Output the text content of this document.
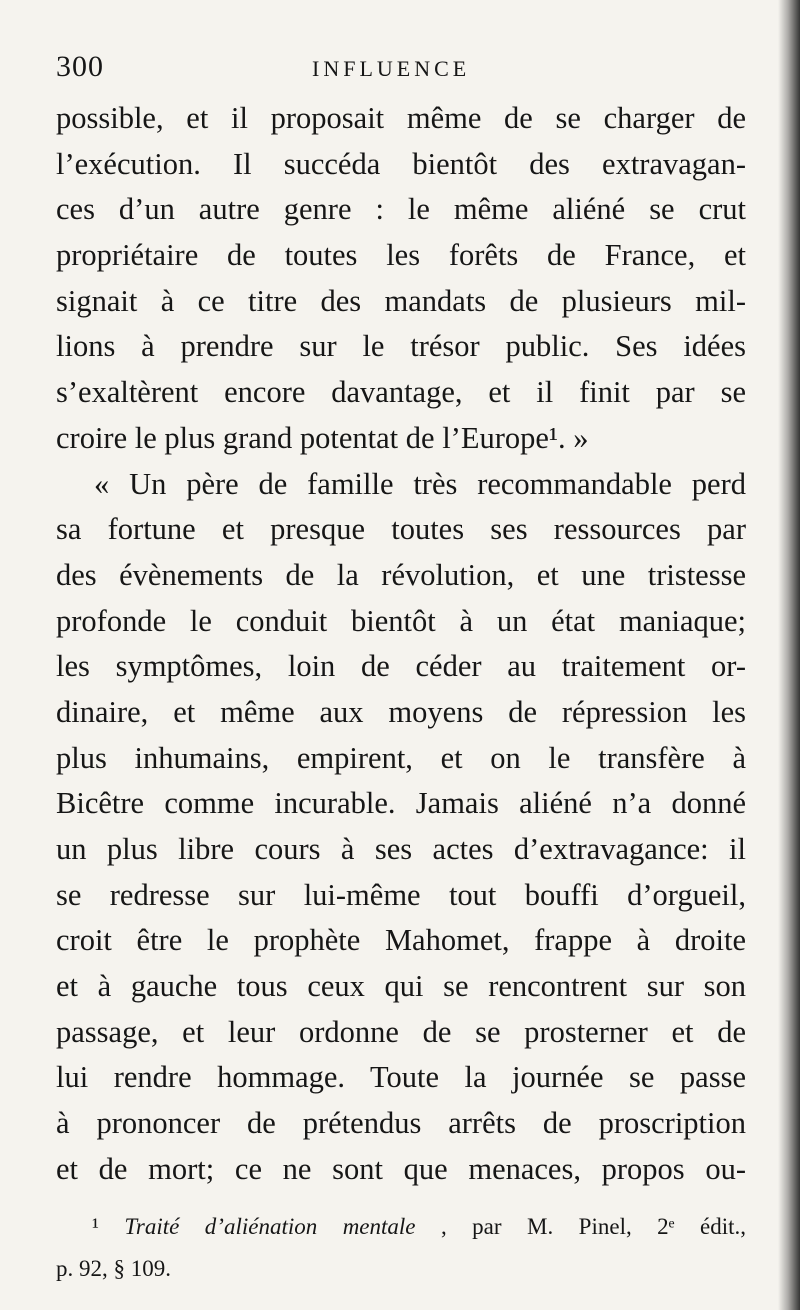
300	INFLUENCE
possible, et il proposait même de se charger de
l’exécution. Il succéda bientôt des extravagan-
ces d’un autre genre : le même aliéné se crut
propriétaire de toutes les forêts de France, et
signait à ce titre des mandats de plusieurs mil-
lions à prendre sur le trésor public. Ses idées
s’exaltèrent encore davantage, et il finit par se
croire le plus grand potentat de l’Europe¹. »
« Un père de famille très recommandable perd
sa fortune et presque toutes ses ressources par
des évènements de la révolution, et une tristesse
profonde le conduit bientôt à un état maniaque;
les symptômes, loin de céder au traitement or-
dinaire, et même aux moyens de répression les
plus inhumains, empirent, et on le transfère à
Bicêtre comme incurable. Jamais aliéné n’a donné
un plus libre cours à ses actes d’extravagance: il
se redresse sur lui-même tout bouffi d’orgueil,
croit être le prophète Mahomet, frappe à droite
et à gauche tous ceux qui se rencontrent sur son
passage, et leur ordonne de se prosterner et de
lui rendre hommage. Toute la journée se passe
à prononcer de prétendus arrêts de proscription
et de mort; ce ne sont que menaces, propos ou-
¹ Traité d’aliénation mentale , par M. Pinel, 2ᵉ édit.,
p. 92, § 109.
